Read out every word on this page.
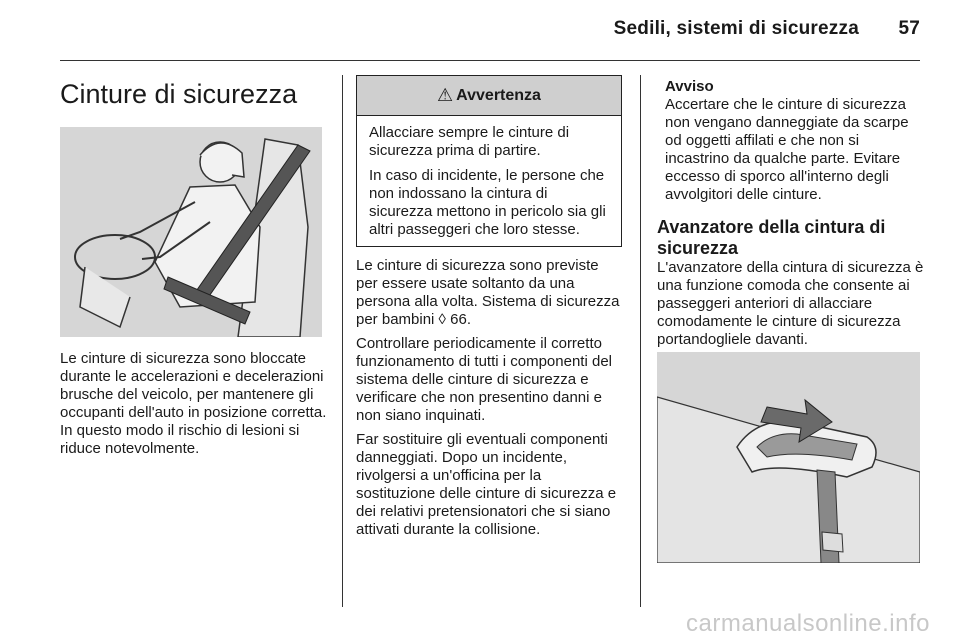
Sedili, sistemi di sicurezza 57
Cinture di sicurezza

Le cinture di sicurezza sono bloccate durante le accelerazioni e decelerazioni brusche del veicolo, per mantenere gli occupanti dell'auto in posizione corretta. In questo modo il rischio di lesioni si riduce notevolmente.

⚠ Avvertenza

Allacciare sempre le cinture di sicurezza prima di partire.

In caso di incidente, le persone che non indossano la cintura di sicurezza mettono in pericolo sia gli altri passeggeri che loro stesse.

Le cinture di sicurezza sono previste per essere usate soltanto da una persona alla volta. Sistema di sicurezza per bambini ◊ 66.

Controllare periodicamente il corretto funzionamento di tutti i componenti del sistema delle cinture di sicurezza e verificare che non presentino danni e non siano inquinati.

Far sostituire gli eventuali componenti danneggiati. Dopo un incidente, rivolgersi a un'officina per la sostituzione delle cinture di sicurezza e dei relativi pretensionatori che si siano attivati durante la collisione.

Avviso
Accertare che le cinture di sicurezza non vengano danneggiate da scarpe od oggetti affilati e che non si incastrino da qualche parte. Evitare eccesso di sporco all'interno degli avvolgitori delle cinture.
Avanzatore della cintura di sicurezza

L'avanzatore della cintura di sicurezza è una funzione comoda che consente ai passeggeri anteriori di allacciare comodamente le cinture di sicurezza portandogliele davanti.

carmanualsonline.info
